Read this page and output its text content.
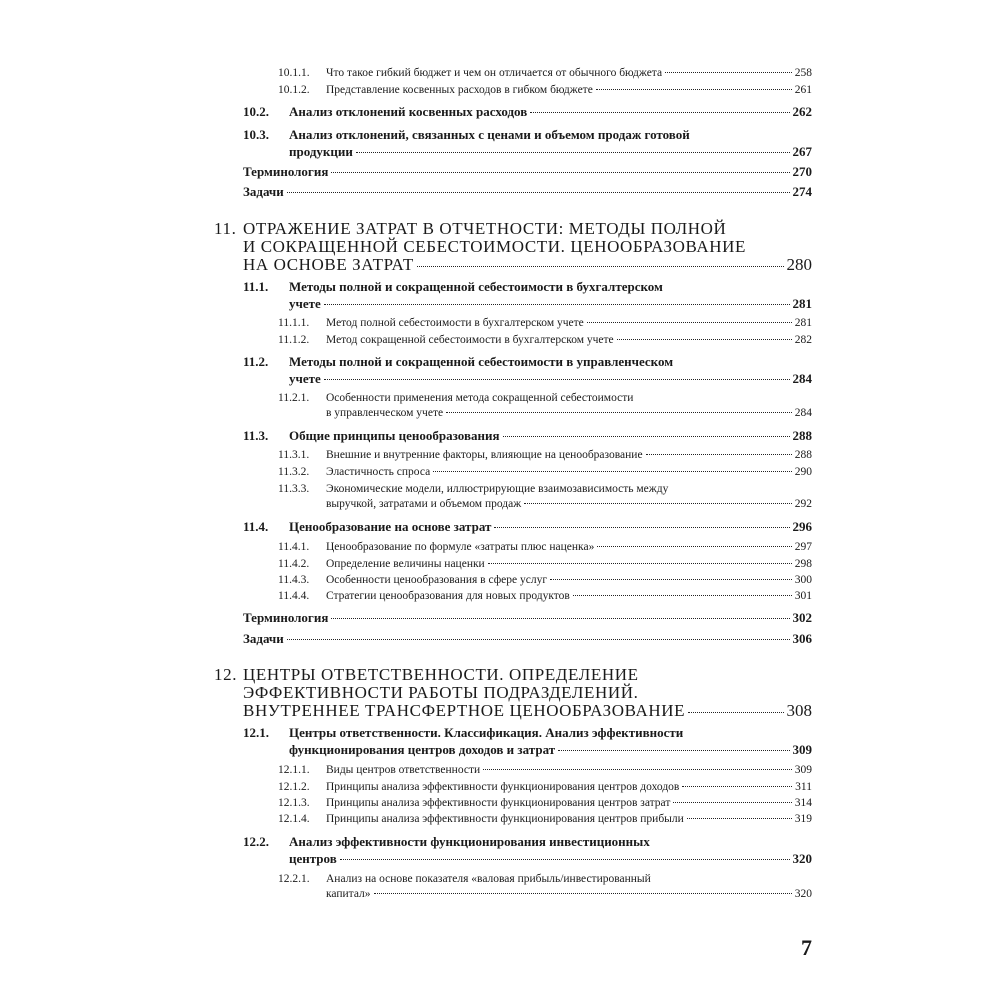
10.1.1.	Что такое гибкий бюджет и чем он отличается от обычного бюджета	258
10.1.2.	Представление косвенных расходов в гибком бюджете	261
10.2.	Анализ отклонений косвенных расходов	262
10.3.	Анализ отклонений, связанных с ценами и объемом продаж готовой
продукции	267
Терминология	270
Задачи	274
11. ОТРАЖЕНИЕ ЗАТРАТ В ОТЧЕТНОСТИ: МЕТОДЫ ПОЛНОЙ
И СОКРАЩЕННОЙ СЕБЕСТОИМОСТИ. ЦЕНООБРАЗОВАНИЕ
НА ОСНОВЕ ЗАТРАТ	280
11.1.	Методы полной и сокращенной себестоимости в бухгалтерском
учете	281
11.1.1.	Метод полной себестоимости в бухгалтерском учете	281
11.1.2.	Метод сокращенной себестоимости в бухгалтерском учете	282
11.2.	Методы полной и сокращенной себестоимости в управленческом
учете	284
11.2.1.	Особенности применения метода сокращенной себестоимости
в управленческом учете	284
11.3.	Общие принципы ценообразования	288
11.3.1.	Внешние и внутренние факторы, влияющие на ценообразование	288
11.3.2.	Эластичность спроса	290
11.3.3.	Экономические модели, иллюстрирующие взаимозависимость между
выручкой, затратами и объемом продаж	292
11.4.	Ценообразование на основе затрат	296
11.4.1.	Ценообразование по формуле «затраты плюс наценка»	297
11.4.2.	Определение величины наценки	298
11.4.3.	Особенности ценообразования в сфере услуг	300
11.4.4.	Стратегии ценообразования для новых продуктов	301
Терминология	302
Задачи	306
12. ЦЕНТРЫ ОТВЕТСТВЕННОСТИ. ОПРЕДЕЛЕНИЕ
ЭФФЕКТИВНОСТИ РАБОТЫ ПОДРАЗДЕЛЕНИЙ.
ВНУТРЕННЕЕ ТРАНСФЕРТНОЕ ЦЕНООБРАЗОВАНИЕ	308
12.1.	Центры ответственности. Классификация. Анализ эффективности
функционирования центров доходов и затрат	309
12.1.1.	Виды центров ответственности	309
12.1.2.	Принципы анализа эффективности функционирования центров доходов	311
12.1.3.	Принципы анализа эффективности функционирования центров затрат	314
12.1.4.	Принципы анализа эффективности функционирования центров прибыли	319
12.2.	Анализ эффективности функционирования инвестиционных
центров	320
12.2.1.	Анализ на основе показателя «валовая прибыль/инвестированный
капитал»	320
7
